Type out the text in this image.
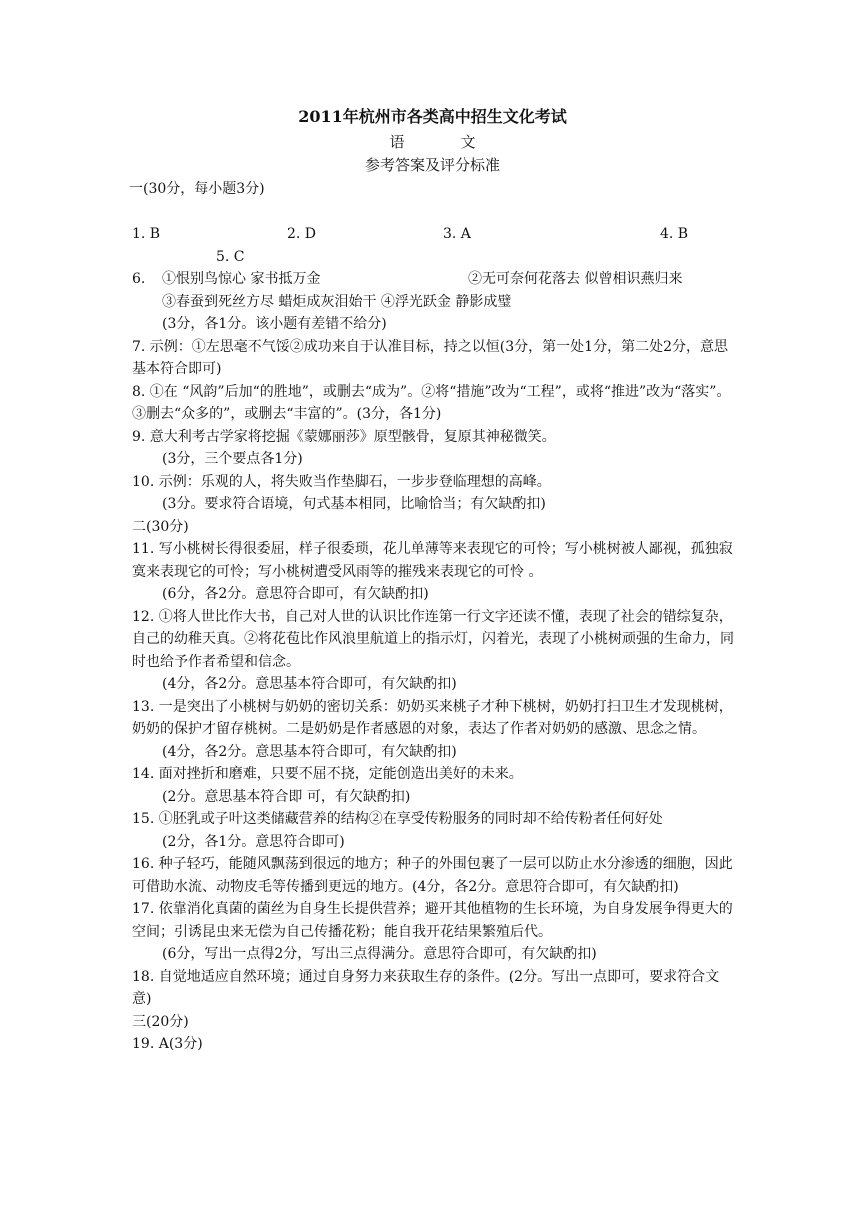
2011年杭州市各类高中招生文化考试
语	文
参考答案及评分标准
一(30分，每小题3分)
1. B	2. D	3. A	4. B
5. C
6. ①恨别鸟惊心 家书抵万金	②无可奈何花落去 似曾相识燕归来
③春蚕到死丝方尽 蜡炬成灰泪始干 ④浮光跃金 静影成璧
(3分，各1分。该小题有差错不给分)
7. 示例：①左思毫不气馁②成功来自于认准目标，持之以恒(3分，第一处1分，第二处2分，意思基本符合即可)
8. ①在 “风韵”后加“的胜地”，或删去“成为”。②将“措施”改为“工程”，或将“推进”改为“落实”。③删去“众多的”，或删去“丰富的”。(3分，各1分)
9. 意大利考古学家将挖掘《蒙娜丽莎》原型骸骨，复原其神秘微笑。
(3分，三个要点各1分)
10. 示例：乐观的人，将失败当作垫脚石，一步步登临理想的高峰。
(3分。要求符合语境，句式基本相同，比喻恰当；有欠缺酌扣)
二(30分)
11. 写小桃树长得很委屈，样子很委琐，花儿单薄等来表现它的可怜；写小桃树被人鄙视，孤独寂寞来表现它的可怜；写小桃树遭受风雨等的摧残来表现它的可怜 。
(6分，各2分。意思符合即可，有欠缺酌扣)
12. ①将人世比作大书，自己对人世的认识比作连第一行文字还读不懂，表现了社会的错综复杂，自己的幼稚天真。②将花苞比作风浪里航道上的指示灯，闪着光，表现了小桃树顽强的生命力，同时也给予作者希望和信念。
(4分，各2分。意思基本符合即可，有欠缺酌扣)
13. 一是突出了小桃树与奶奶的密切关系：奶奶买来桃子才种下桃树，奶奶打扫卫生才发现桃树，奶奶的保护才留存桃树。二是奶奶是作者感恩的对象，表达了作者对奶奶的感激、思念之情。
(4分，各2分。意思基本符合即可，有欠缺酌扣)
14. 面对挫折和磨难，只要不屈不挠，定能创造出美好的未来。
(2分。意思基本符合即 可，有欠缺酌扣)
15. ①胚乳或子叶这类储藏营养的结构②在享受传粉服务的同时却不给传粉者任何好处
(2分，各1分。意思符合即可)
16. 种子轻巧，能随风飘荡到很远的地方；种子的外围包裹了一层可以防止水分渗透的细胞，因此可借助水流、动物皮毛等传播到更远的地方。(4分，各2分。意思符合即可，有欠缺酌扣)
17. 依靠消化真菌的菌丝为自身生长提供营养；避开其他植物的生长环境，为自身发展争得更大的空间；引诱昆虫来无偿为自己传播花粉；能自我开花结果繁殖后代。
(6分，写出一点得2分，写出三点得满分。意思符合即可，有欠缺酌扣)
18. 自觉地适应自然环境；通过自身努力来获取生存的条件。(2分。写出一点即可，要求符合文意)
三(20分)
19. A(3分)
